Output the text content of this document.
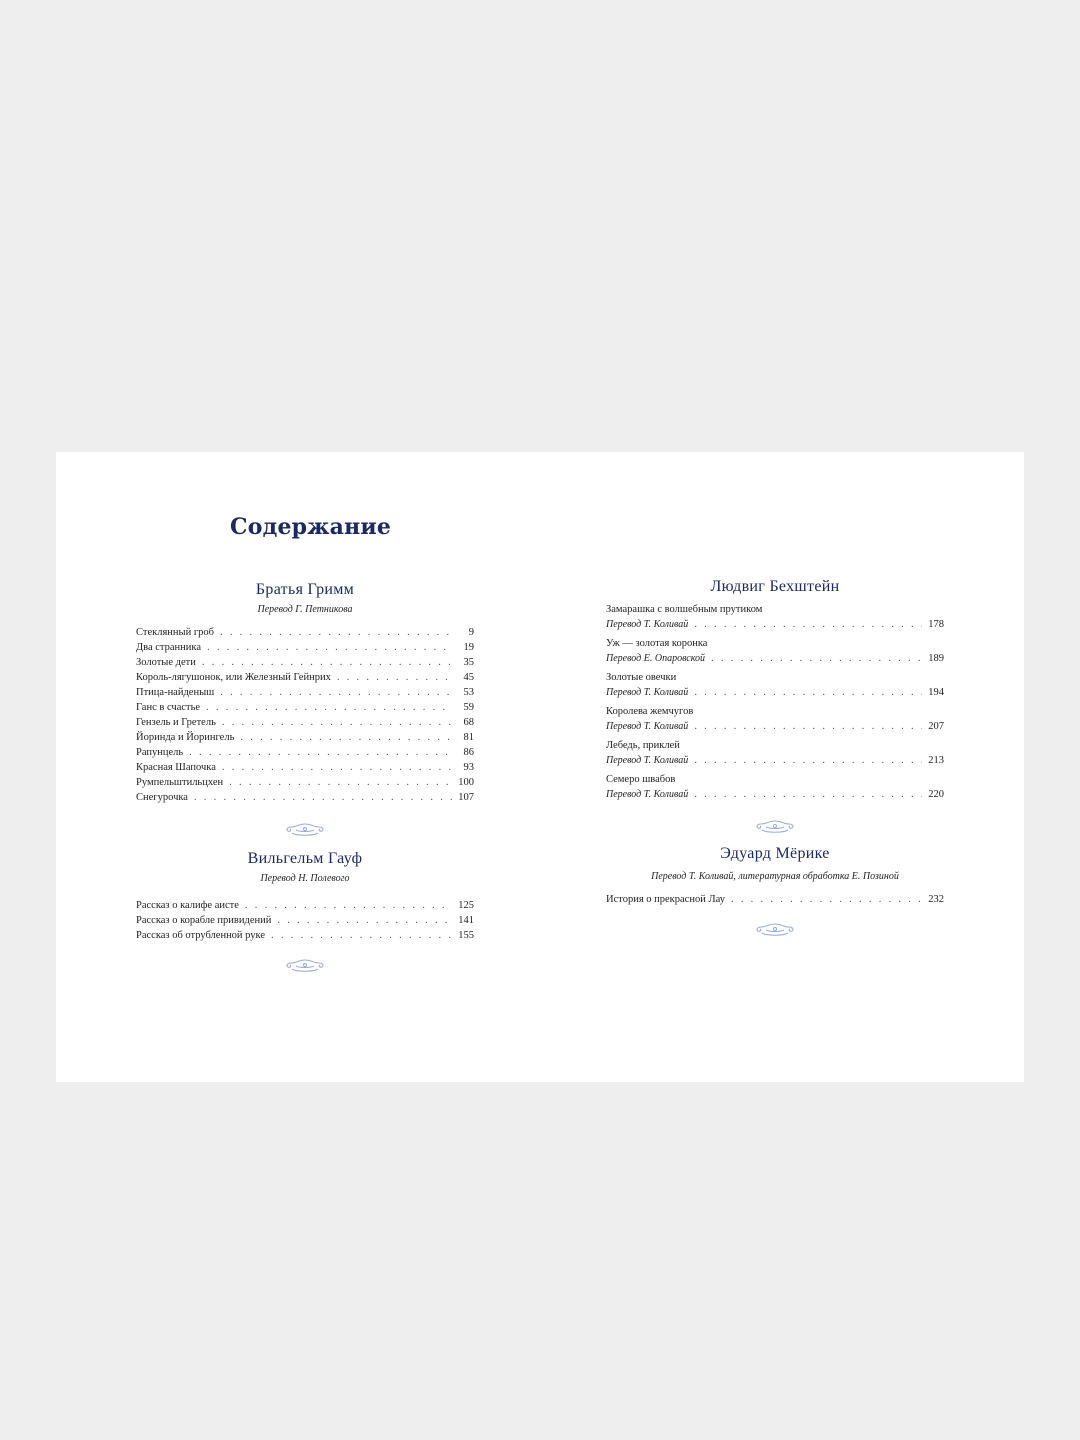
Содержание
Братья Гримм
Перевод Г. Петникова
Стеклянный гроб . . .	9
Два странника . . .	19
Золотые дети . . .	35
Король-лягушонок, или Железный Гейнрих . . .	45
Птица-найденыш . . .	53
Ганс в счастье . . .	59
Гензель и Гретель . . .	68
Йоринда и Йорингель . . .	81
Рапунцель . . .	86
Красная Шапочка . . .	93
Румпельштильцхен . . .	100
Снегурочка . . .	107
Вильгельм Гауф
Перевод Н. Полевого
Рассказ о калифе аисте . . .	125
Рассказ о корабле привидений . . .	141
Рассказ об отрубленной руке . . .	155
Людвиг Бехштейн
Замарашка с волшебным прутиком
Перевод Т. Коливай . . .	178
Уж — золотая коронка
Перевод Е. Опаровской . . .	189
Золотые овечки
Перевод Т. Коливай . . .	194
Королева жемчугов
Перевод Т. Коливай . . .	207
Лебедь, приклей
Перевод Т. Коливай . . .	213
Семеро швабов
Перевод Т. Коливай . . .	220
Эдуард Мёрике
Перевод Т. Коливай, литературная обработка Е. Позиной
История о прекрасной Лау . . .	232
